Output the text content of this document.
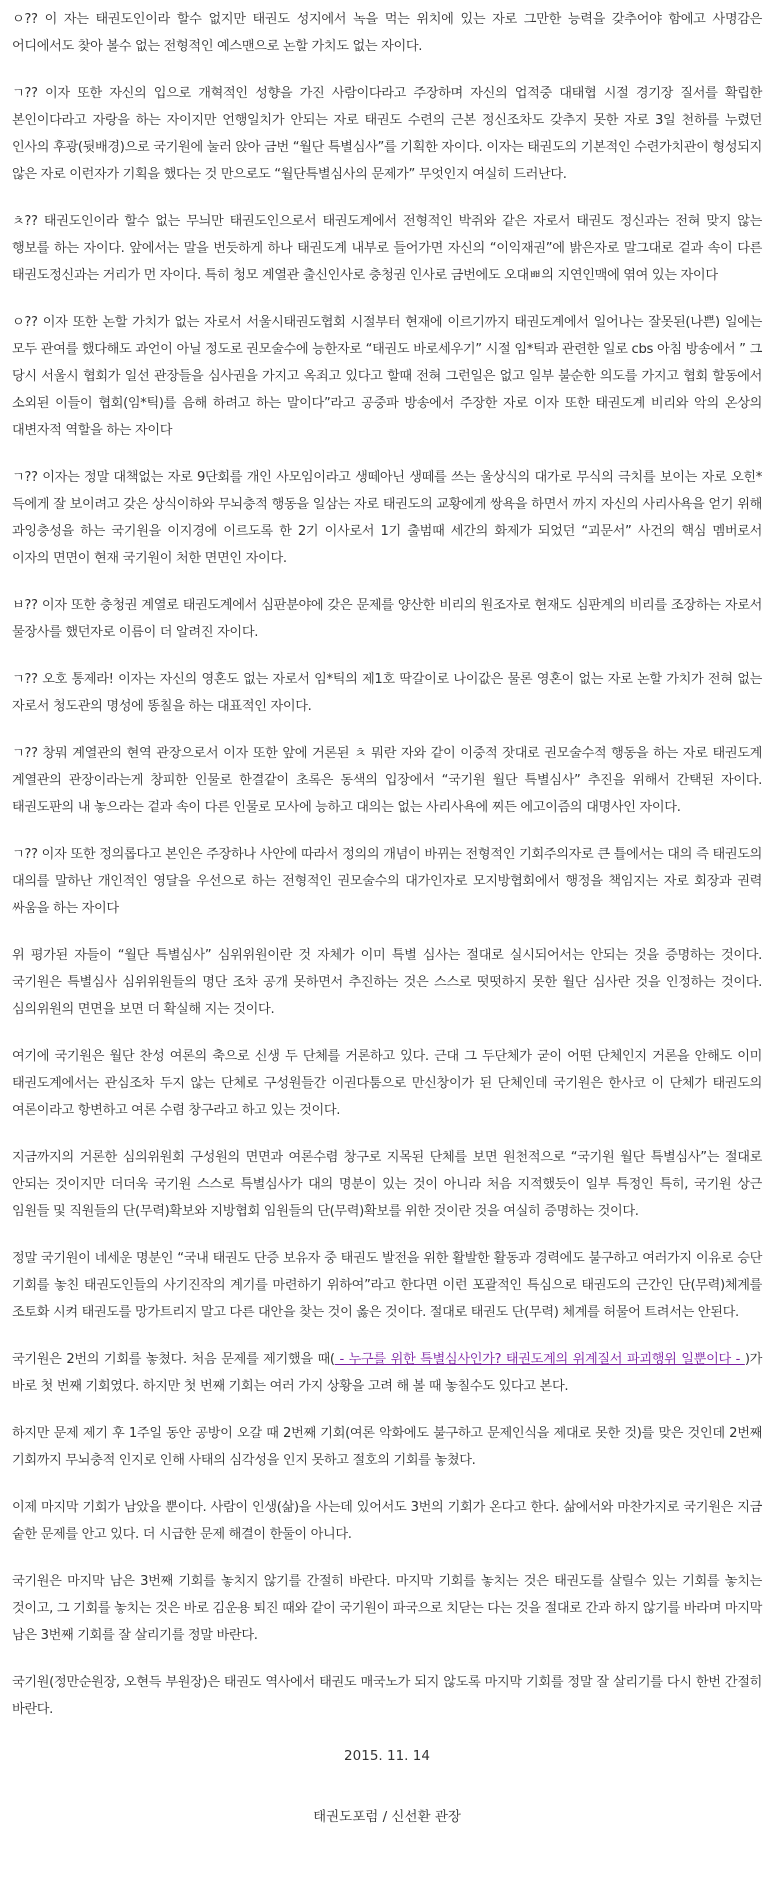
ㅇ?? 이 자는 태권도인이라 할수 없지만 태권도 성지에서 녹을 먹는 위치에 있는 자로 그만한 능력을 갖추어야 함에고 사명감은 어디에서도 찾아 볼수 없는 전형적인 예스맨으로 논할 가치도 없는 자이다.

ㄱ?? 이자 또한 자신의 입으로 개혁적인 성향을 가진 사람이다라고 주장하며 자신의 업적중 대태협 시절 경기장 질서를 확립한 본인이다라고 자랑을 하는 자이지만 언행일치가 안되는 자로 태권도 수련의 근본 정신조차도 갖추지 못한 자로 3일 천하를 누렸던 인사의 후광(뒷배경)으로 국기원에 눌러 앉아 금번 “월단 특별심사”를 기획한 자이다. 이자는 태권도의 기본적인 수련가치관이 형성되지 않은 자로 이런자가 기획을 했다는 것 만으로도 “월단특별심사의 문제가” 무엇인지 여실히 드러난다.

ㅊ?? 태권도인이라 할수 없는 무늬만 태권도인으로서 태권도계에서 전형적인 박쥐와 같은 자로서 태권도 정신과는 전혀 맞지 않는 행보를 하는 자이다. 앞에서는 말을 번듯하게 하나 태권도계 내부로 들어가면 자신의 “이익재권”에 밝은자로 말그대로 겉과 속이 다른 태권도정신과는 거리가 먼 자이다. 특히 청모 계열관 출신인사로 충청권 인사로 금번에도 오대ㅃ의 지연인맥에 엮여 있는 자이다

ㅇ?? 이자 또한 논할 가치가 없는 자로서 서울시태권도협회 시절부터 현재에 이르기까지 태권도계에서 일어나는 잘못된(나쁜) 일에는 모두 관여를 했다해도 과언이 아닐 정도로 권모술수에 능한자로 “태권도 바로세우기” 시절 임*틱과 관련한 일로 cbs 아침 방송에서 ” 그 당시 서울시 협회가 일선 관장들을 심사권을 가지고 옥죄고 있다고 할때 전혀 그런일은 없고 일부 불순한 의도를 가지고 협회 할동에서 소외된 이들이 협회(임*틱)를 음해 하려고 하는 말이다”라고 공중파 방송에서 주장한 자로 이자 또한 태권도계 비리와 악의 온상의 대변자적 역할을 하는 자이다

ㄱ?? 이자는 정말 대책없는 자로 9단회를 개인 사모임이라고 생떼아닌 생떼를 쓰는 울상식의 대가로 무식의 극치를 보이는 자로 오힌*득에게 잘 보이려고 갖은 상식이하와 무뇌충적 행동을 일삼는 자로 태권도의 교황에게 쌍욕을 하면서 까지 자신의 사리사욕을 얻기 위해 과잉충성을 하는 국기원을 이지경에 이르도록 한 2기 이사로서 1기 출범때 세간의 화제가 되었던 “괴문서” 사건의 핵심 멤버로서 이자의 면면이 현재 국기원이 처한 면면인 자이다.

ㅂ?? 이자 또한 충청권 계열로 태권도계에서 심판분야에 갖은 문제를 양산한 비리의 원조자로 현재도 심판계의 비리를 조장하는 자로서 물장사를 했던자로 이름이 더 알려진 자이다.

ㄱ?? 오호 통제라! 이자는 자신의 영혼도 없는 자로서 임*틱의 제1호 딱갈이로 나이값은 물론 영혼이 없는 자로 논할 가치가 전혀 없는 자로서 청도관의 명성에 똥칠을 하는 대표적인 자이다.

ㄱ?? 창뭐 계열관의 현역 관장으로서 이자 또한 앞에 거론된 ㅊ 뭐란 자와 같이 이중적 잣대로 권모술수적 행동을 하는 자로 태권도계 계열관의 관장이라는게 창피한 인물로 한결같이 초록은 동색의 입장에서 “국기원 월단 특별심사” 추진을 위해서 간택된 자이다. 태권도판의 내 놓으라는 겉과 속이 다른 인물로 모사에 능하고 대의는 없는 사리사욕에 찌든 에고이즘의 대명사인 자이다.

ㄱ?? 이자 또한 정의롭다고 본인은 주장하나 사안에 따라서 정의의 개념이 바뀌는 전형적인 기회주의자로 큰 틀에서는 대의 즉 태권도의 대의를 말하난 개인적인 영달을 우선으로 하는 전형적인 권모술수의 대가인자로 모지방협회에서 행정을 책임지는 자로 회장과 권력 싸움을 하는 자이다

위 평가된 자들이 “월단 특별심사” 심위위원이란 것 자체가 이미 특별 심사는 절대로 실시되어서는 안되는 것을 증명하는 것이다. 국기원은 특별심사 심위위원들의 명단 조차 공개 못하면서 추진하는 것은 스스로 떳떳하지 못한 월단 심사란 것을 인정하는 것이다. 심의위원의 면면을 보면 더 확실해 지는 것이다.

여기에 국기원은 월단 찬성 여론의 축으로 신생 두 단체를 거론하고 있다. 근대 그 두단체가 굳이 어떤 단체인지 거론을 안해도 이미 태권도계에서는 관심조차 두지 않는 단체로 구성원들간 이권다툼으로 만신창이가 된 단체인데 국기원은 한사코 이 단체가 태권도의 여론이라고 항변하고 여론 수렴 창구라고 하고 있는 것이다.

지금까지의 거론한 심의위원회 구성원의 면면과 여론수렴 창구로 지목된 단체를 보면 원천적으로 “국기원 월단 특별심사”는 절대로 안되는 것이지만 더더욱 국기원 스스로 특별심사가 대의 명분이 있는 것이 아니라 처음 지적했듯이 일부 특정인 특히, 국기원 상근 임원들 및 직원들의 단(무력)확보와 지방협회 임원들의 단(무력)확보를 위한 것이란 것을 여실히 증명하는 것이다.

정말 국기원이 네세운 명분인 “국내 태권도 단증 보유자 중 태권도 발전을 위한 활발한 활동과 경력에도 불구하고 여러가지 이유로 승단 기회를 놓친 태권도인들의 사기진작의 계기를 마련하기 위하여”라고 한다면 이런 포괄적인 특심으로 태권도의 근간인 단(무력)체계를 조토화 시켜 태권도를 망가트리지 말고 다른 대안을 찾는 것이 옳은 것이다. 절대로 태권도 단(무력) 체계를 허물어 트려서는 안된다.

국기원은 2번의 기회를 놓쳤다. 처음 문제를 제기했을 때( - 누구를 위한 특별심사인가? 태권도계의 위계질서 파괴행위 일뿐이다 - )가 바로 첫 번째 기회였다. 하지만 첫 번째 기회는 여러 가지 상황을 고려 해 볼 때 놓칠수도 있다고 본다.

하지만 문제 제기 후 1주일 동안 공방이 오갈 때 2번째 기회(여론 악화에도 불구하고 문제인식을 제대로 못한 것)를 맞은 것인데 2번째 기회까지 무뇌충적 인지로 인해 사태의 심각성을 인지 못하고 절호의 기회를 놓쳤다.

이제 마지막 기회가 남았을 뿐이다. 사람이 인생(삶)을 사는데 있어서도 3번의 기회가 온다고 한다. 삶에서와 마찬가지로 국기원은 지금 숱한 문제를 안고 있다. 더 시급한 문제 해결이 한둘이 아니다.

국기원은 마지막 남은 3번째 기회를 놓치지 않기를 간절히 바란다. 마지막 기회를 놓치는 것은 태권도를 살릴수 있는 기회를 놓치는 것이고, 그 기회를 놓치는 것은 바로 김운용 퇴진 때와 같이 국기원이 파국으로 치닫는 다는 것을 절대로 간과 하지 않기를 바라며 마지막 남은 3번째 기회를 잘 살리기를 정말 바란다.

국기원(정만순원장, 오현득 부원장)은 태권도 역사에서 태권도 매국노가 되지 않도록 마지막 기회를 정말 잘 살리기를 다시 한번 간절히 바란다.

2015. 11. 14

태권도포럼 / 신선환 관장
